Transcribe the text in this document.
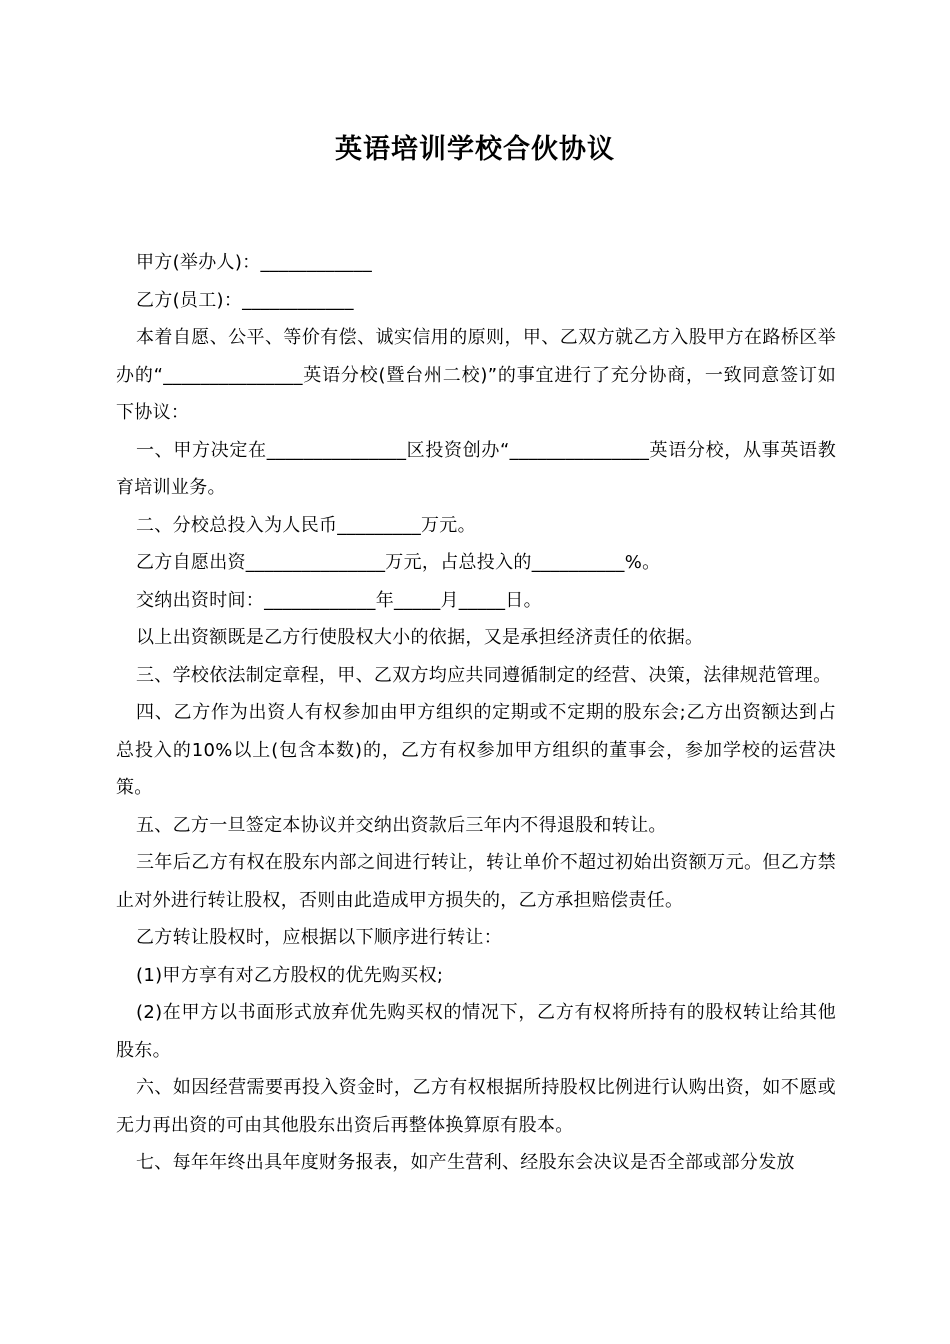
英语培训学校合伙协议

甲方(举办人)：____________

乙方(员工)：____________

本着自愿、公平、等价有偿、诚实信用的原则，甲、乙双方就乙方入股甲方在路桥区举办的“_______________英语分校(暨台州二校)”的事宜进行了充分协商，一致同意签订如下协议：

一、甲方决定在_______________区投资创办“_______________英语分校，从事英语教育培训业务。

二、分校总投入为人民币_________万元。

乙方自愿出资_______________万元，占总投入的__________%。

交纳出资时间：____________年_____月_____日。

以上出资额既是乙方行使股权大小的依据，又是承担经济责任的依据。

三、学校依法制定章程，甲、乙双方均应共同遵循制定的经营、决策，法律规范管理。

四、乙方作为出资人有权参加由甲方组织的定期或不定期的股东会;乙方出资额达到占总投入的10%以上(包含本数)的，乙方有权参加甲方组织的董事会，参加学校的运营决策。

五、乙方一旦签定本协议并交纳出资款后三年内不得退股和转让。

三年后乙方有权在股东内部之间进行转让，转让单价不超过初始出资额万元。但乙方禁止对外进行转让股权，否则由此造成甲方损失的，乙方承担赔偿责任。

乙方转让股权时，应根据以下顺序进行转让：

(1)甲方享有对乙方股权的优先购买权;

(2)在甲方以书面形式放弃优先购买权的情况下，乙方有权将所持有的股权转让给其他股东。

六、如因经营需要再投入资金时，乙方有权根据所持股权比例进行认购出资，如不愿或无力再出资的可由其他股东出资后再整体换算原有股本。

七、每年年终出具年度财务报表，如产生营利、经股东会决议是否全部或部分发放
